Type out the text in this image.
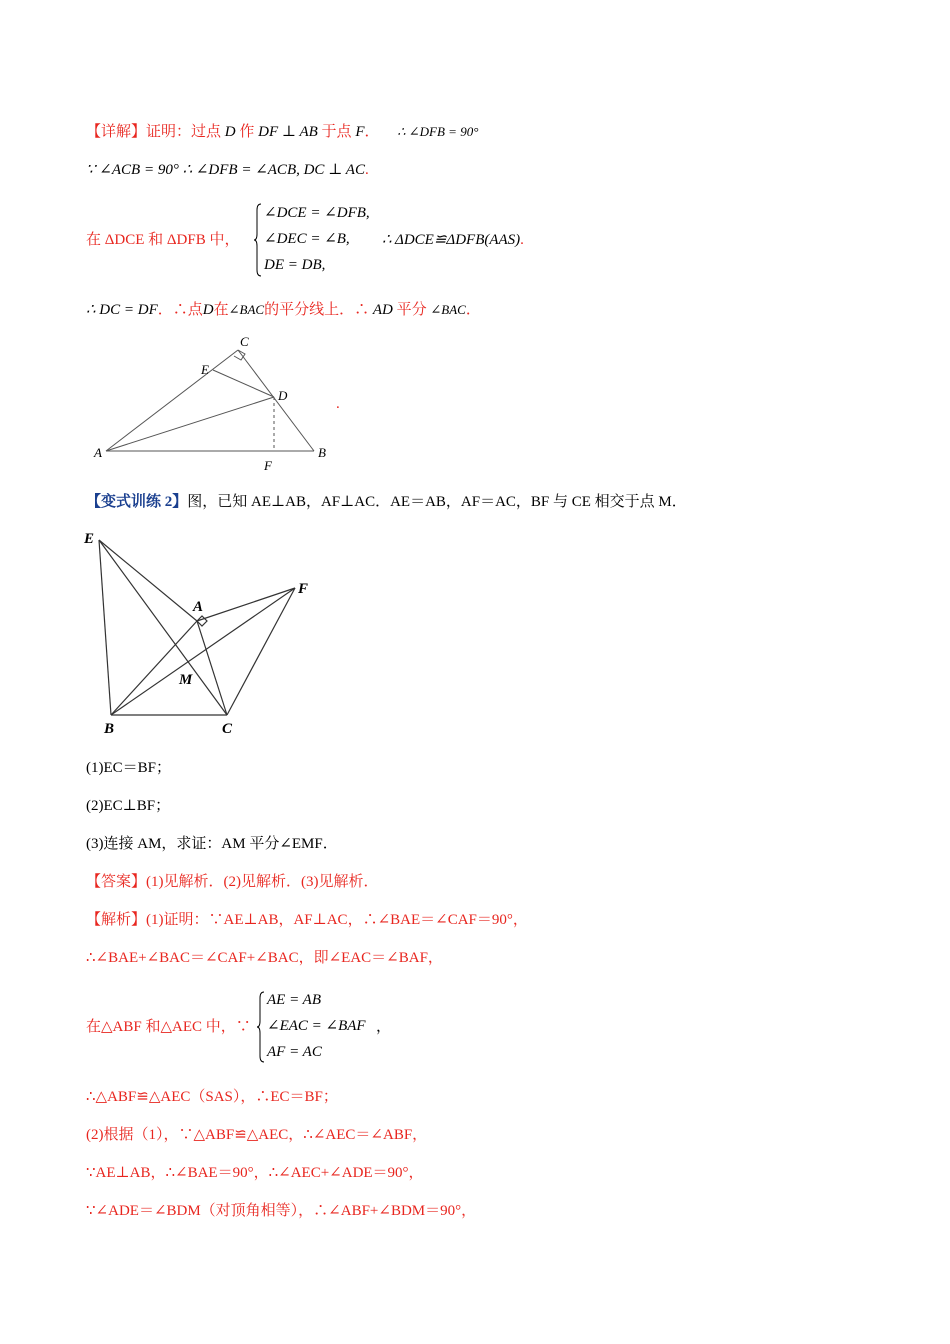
【详解】证明：过点 D 作 DF ⊥ AB 于点 F． ∴ ∠DFB = 90°
∵ ∠ACB = 90° ∴ ∠DFB = ∠ACB, DC ⊥ AC.
在 ΔDCE 和 ΔDFB 中，
∠DCE = ∠DFB,
∠DEC = ∠B,
DE = DB,
∴ ΔDCE≌ΔDFB(AAS).
∴ DC = DF．∴点D在∠BAC的平分线上．∴ AD 平分 ∠BAC．
A	B
C
D
E
F
.
【变式训练 2】图，已知 AE⊥AB，AF⊥AC．AE＝AB，AF＝AC，BF 与 CE 相交于点 M．
E
A
F
M
B	C
(1)EC＝BF；
(2)EC⊥BF；
(3)连接 AM，求证：AM 平分∠EMF．
【答案】(1)见解析．(2)见解析．(3)见解析．
【解析】(1)证明：∵AE⊥AB，AF⊥AC，∴∠BAE＝∠CAF＝90°，
∴∠BAE+∠BAC＝∠CAF+∠BAC，即∠EAC＝∠BAF，
在△ABF 和△AEC 中，∵
AE = AB
∠EAC = ∠BAF
AF = AC
，
∴△ABF≌△AEC（SAS），∴EC＝BF；
(2)根据（1），∵△ABF≌△AEC，∴∠AEC＝∠ABF，
∵AE⊥AB，∴∠BAE＝90°，∴∠AEC+∠ADE＝90°，
∵∠ADE＝∠BDM（对顶角相等），∴∠ABF+∠BDM＝90°，
